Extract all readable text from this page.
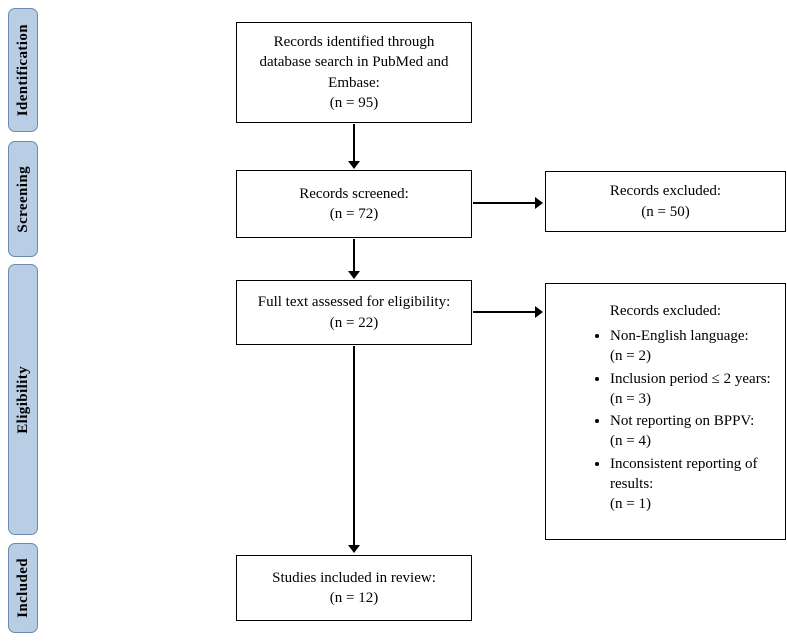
Identification
Screening
Eligibility
Included
Records identified through database search in PubMed and Embase:
(n = 95)
Records screened:
(n = 72)
Records excluded:
(n = 50)
Full text assessed for eligibility:
(n = 22)
Records excluded:
• Non-English language:
(n = 2)
• Inclusion period ≤ 2 years:
(n = 3)
• Not reporting on BPPV:
(n = 4)
• Inconsistent reporting of results:
(n = 1)
Studies included in review:
(n = 12)
